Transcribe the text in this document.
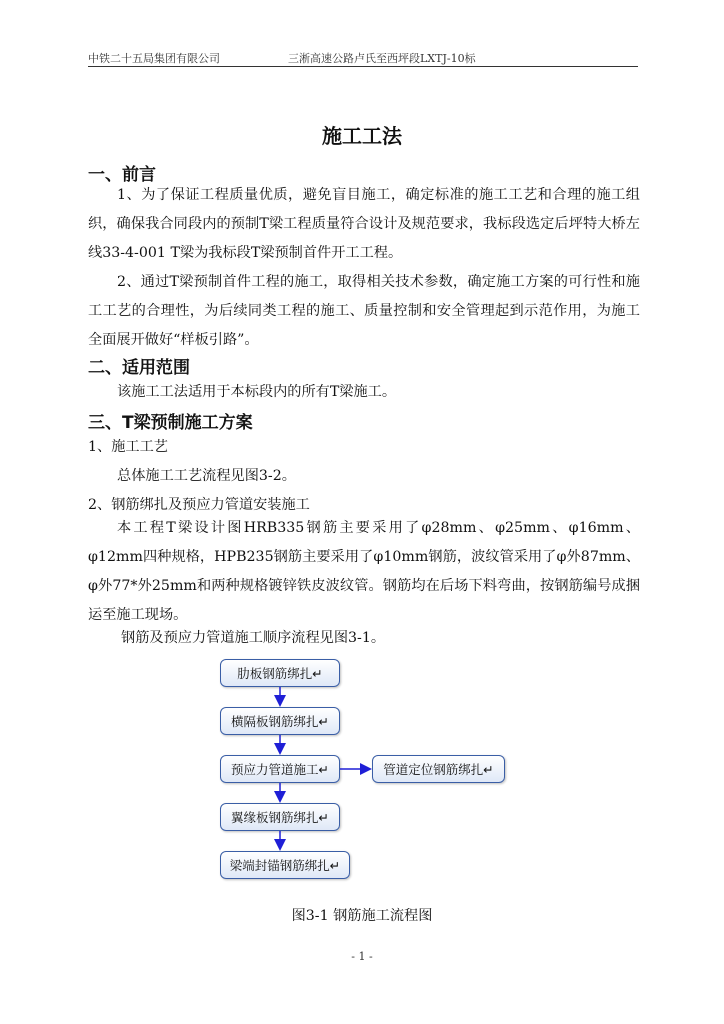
中铁二十五局集团有限公司	三淅高速公路卢氏至西坪段LXTJ-10标
施工工法
一、前言
1、为了保证工程质量优质，避免盲目施工，确定标准的施工工艺和合理的施工组织，确保我合同段内的预制T梁工程质量符合设计及规范要求，我标段选定后坪特大桥左线33-4-001 T梁为我标段T梁预制首件开工工程。
2、通过T梁预制首件工程的施工，取得相关技术参数，确定施工方案的可行性和施工工艺的合理性，为后续同类工程的施工、质量控制和安全管理起到示范作用，为施工全面展开做好“样板引路”。
二、适用范围
该施工工法适用于本标段内的所有T梁施工。
三、T梁预制施工方案
1、施工工艺
总体施工工艺流程见图3-2。
2、钢筋绑扎及预应力管道安装施工
本工程T梁设计图HRB335钢筋主要采用了φ28mm、φ25mm、φ16mm、φ12mm四种规格，HPB235钢筋主要采用了φ10mm钢筋，波纹管采用了φ外87mm、φ外77*外25mm和两种规格镀锌铁皮波纹管。钢筋均在后场下料弯曲，按钢筋编号成捆运至施工现场。
钢筋及预应力管道施工顺序流程见图3-1。
肋板钢筋绑扎↵
横隔板钢筋绑扎↵
预应力管道施工↵	管道定位钢筋绑扎↵
翼缘板钢筋绑扎↵
梁端封锚钢筋绑扎↵
图3-1 钢筋施工流程图
- 1 -
